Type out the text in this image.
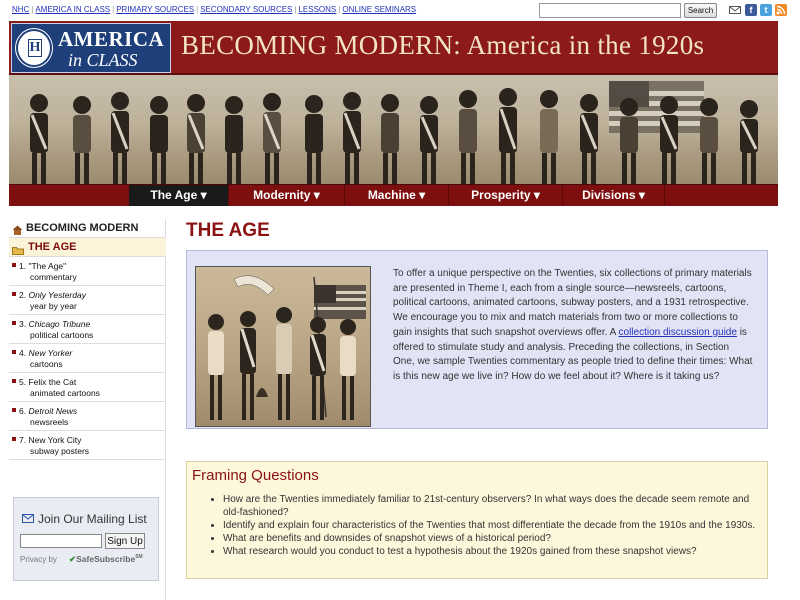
NHC | AMERICA IN CLASS | PRIMARY SOURCES | SECONDARY SOURCES | LESSONS | ONLINE SEMINARS	Search	f	t
H AMERICA
in CLASS BECOMING MODERN: America in the 1920s
The Age ▾	Modernity ▾	Machine ▾	Prosperity ▾	Divisions ▾
BECOMING MODERN
THE AGE
1. "The Age"
commentary
2. Only Yesterday
year by year
3. Chicago Tribune
political cartoons
4. New Yorker
cartoons
5. Felix the Cat
animated cartoons
6. Detroit News
newsreels
7. New York City
subway posters
Join Our Mailing List
Sign Up
Privacy by ✔SafeSubscribe℠
THE AGE
To offer a unique perspective on the Twenties, six collections of primary materials are presented in Theme I, each from a single source—newsreels, cartoons, political cartoons, animated cartoons, subway posters, and a 1931 retrospective. We encourage you to mix and match materials from two or more collections to gain insights that such snapshot overviews offer. A collection discussion guide is offered to stimulate study and analysis. Preceding the collections, in Section One, we sample Twenties commentary as people tried to define their times: What is this new age we live in? How do we feel about it? Where is it taking us?
Framing Questions
How are the Twenties immediately familiar to 21st-century observers? In what ways does the decade seem remote and old-fashioned?
Identify and explain four characteristics of the Twenties that most differentiate the decade from the 1910s and the 1930s.
What are benefits and downsides of snapshot views of a historical period?
What research would you conduct to test a hypothesis about the 1920s gained from these snapshot views?
